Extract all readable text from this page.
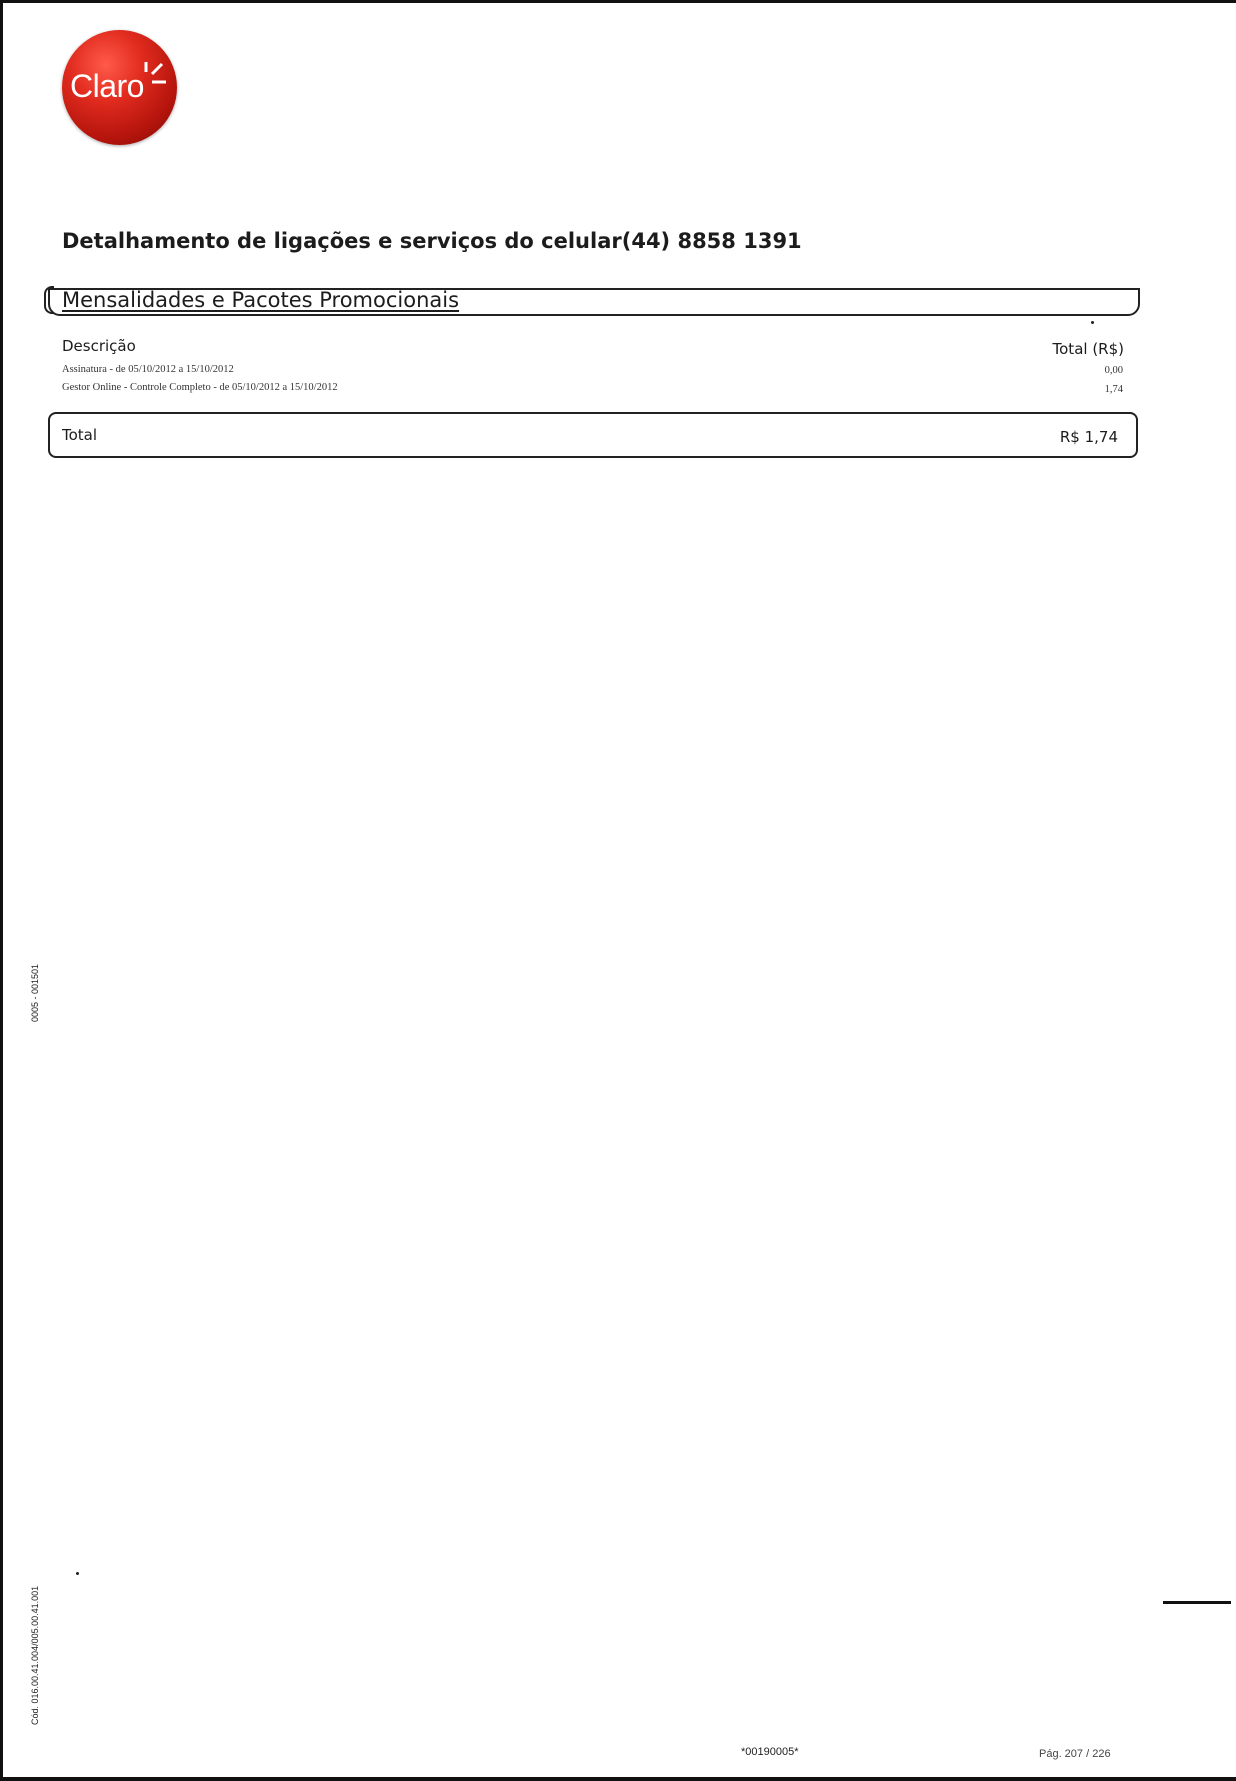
Claro
Detalhamento de ligações e serviços do celular(44) 8858 1391
Mensalidades e Pacotes Promocionais
Descrição	Total (R$)
Assinatura - de 05/10/2012 a 15/10/2012	0,00
Gestor Online - Controle Completo - de 05/10/2012 a 15/10/2012	1,74
Total	R$ 1,74
0005 - 001501
Cód. 016.00.41.004/005.00.41.001
*00190005*	Pág. 207 / 226
